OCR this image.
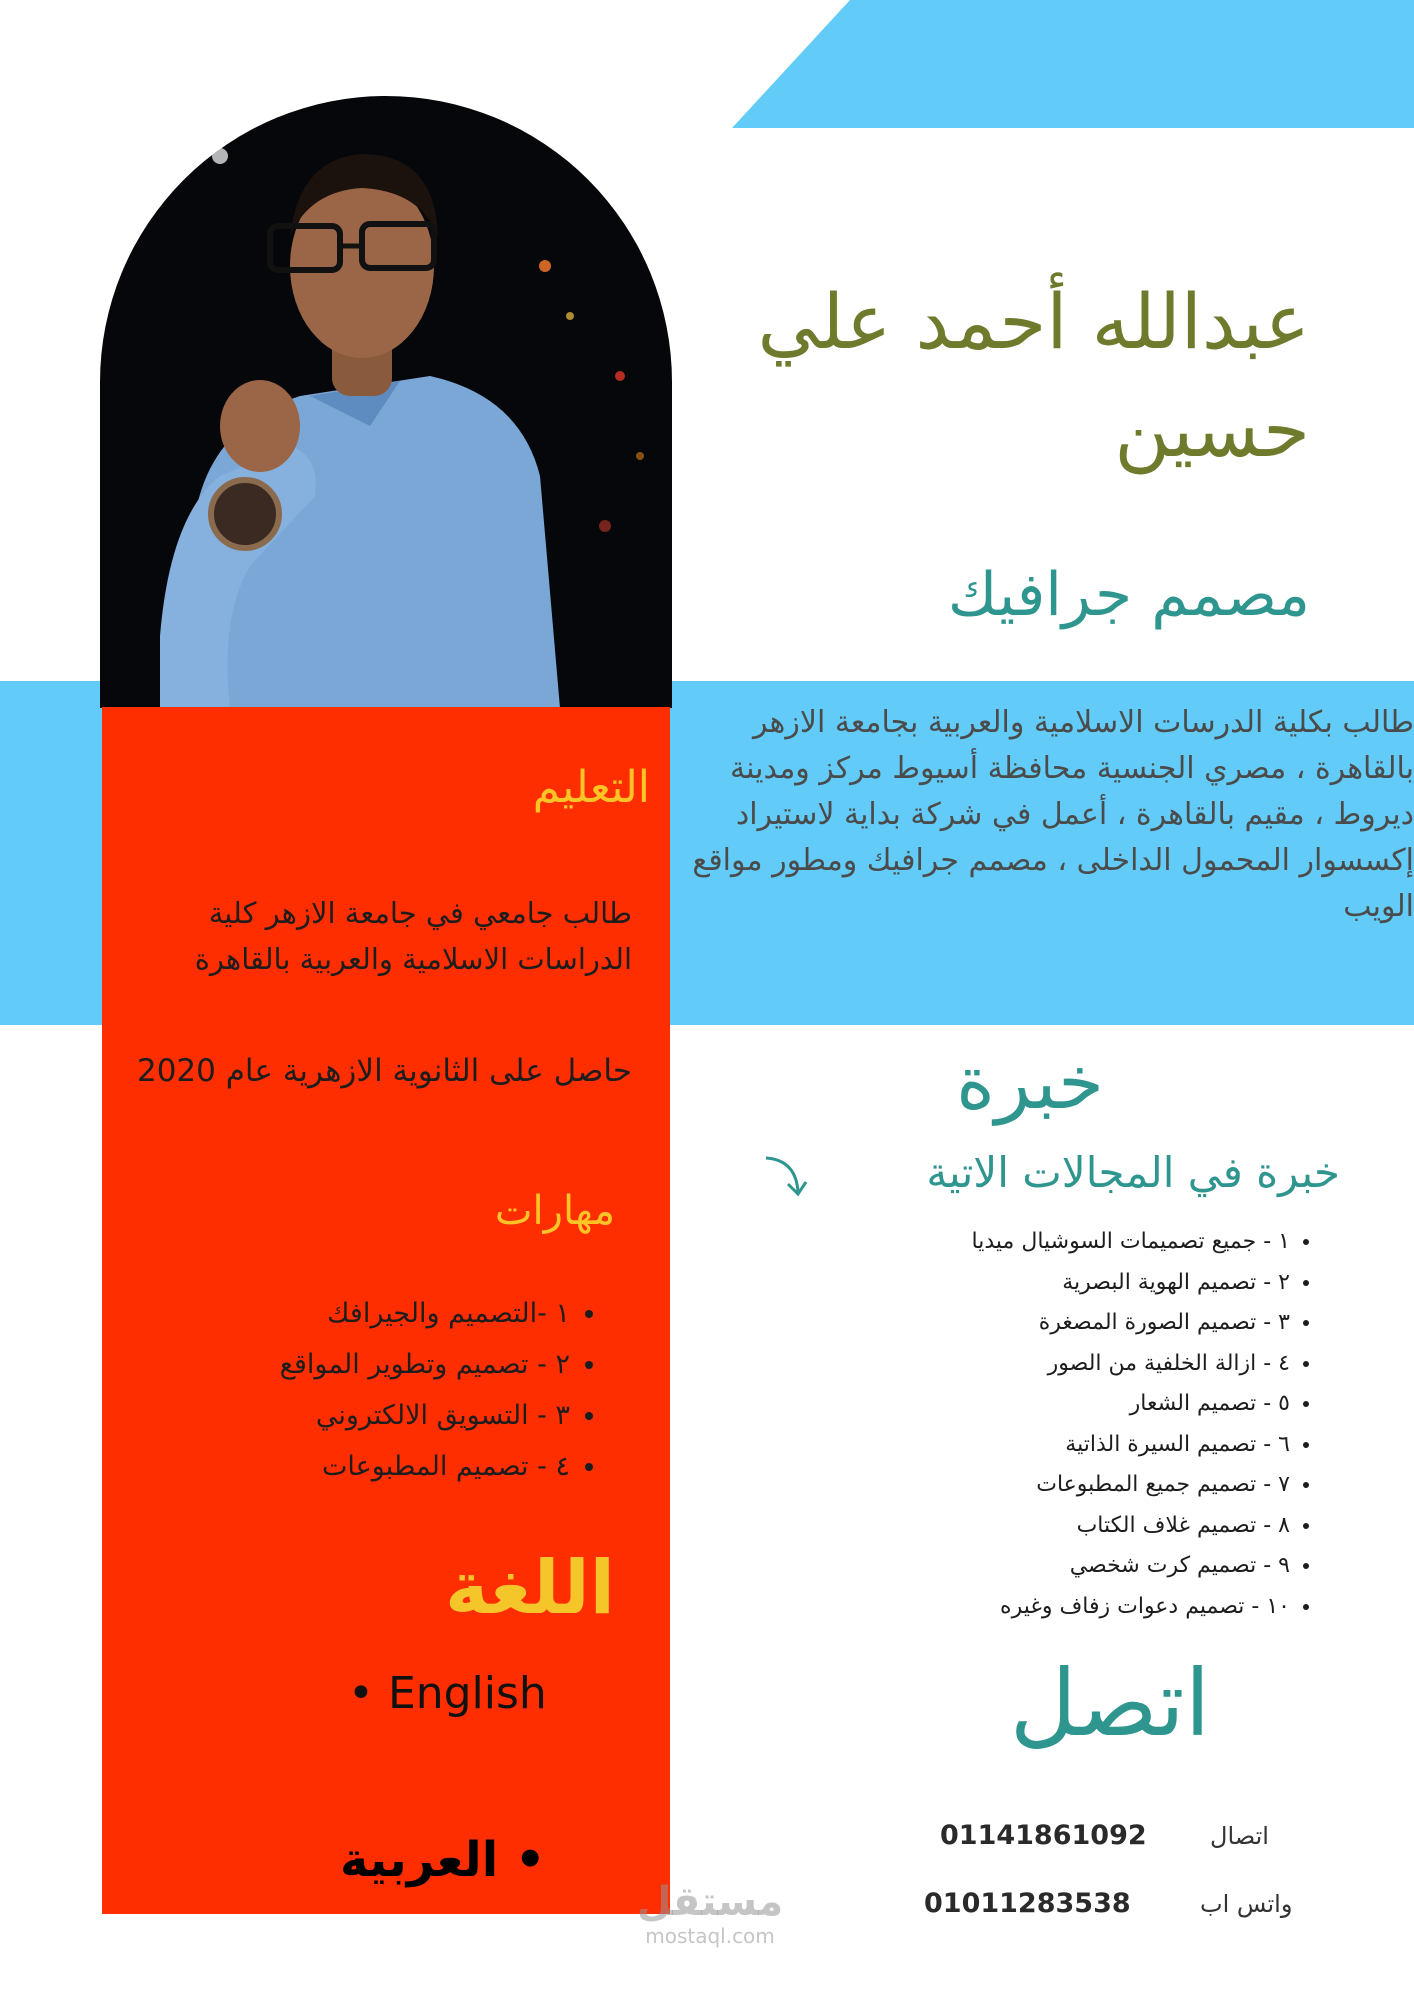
عبدالله أحمد علي حسين
مصمم جرافيك
طالب بكلية الدرسات الاسلامية والعربية بجامعة الازهر بالقاهرة ، مصري الجنسية محافظة أسيوط مركز ومدينة ديروط ، مقيم بالقاهرة ، أعمل في شركة بداية لاستيراد إكسسوار المحمول الداخلى ، مصمم جرافيك ومطور مواقع الويب
التعليم
طالب جامعي في جامعة الازهر كلية الدراسات الاسلامية والعربية بالقاهرة
حاصل على الثانوية الازهرية عام 2020
مهارات
• ١ -التصميم والجيرافك
• ٢ - تصميم وتطوير المواقع
• ٣ - التسويق الالكتروني
• ٤ - تصميم المطبوعات
اللغة
• English
• العربية
خبرة
خبرة في المجالات الاتية
• ١ - جميع تصميمات السوشيال ميديا
• ٢ - تصميم الهوية البصرية
• ٣ - تصميم الصورة المصغرة
• ٤ - ازالة الخلفية من الصور
• ٥ - تصميم الشعار
• ٦ - تصميم السيرة الذاتية
• ٧ - تصميم جميع المطبوعات
• ٨ - تصميم غلاف الكتاب
• ٩ - تصميم كرت شخصي
• ١٠ - تصميم دعوات زفاف وغيره
اتصل
اتصال
01141861092
واتس اب
01011283538
مستقل
mostaql.com
